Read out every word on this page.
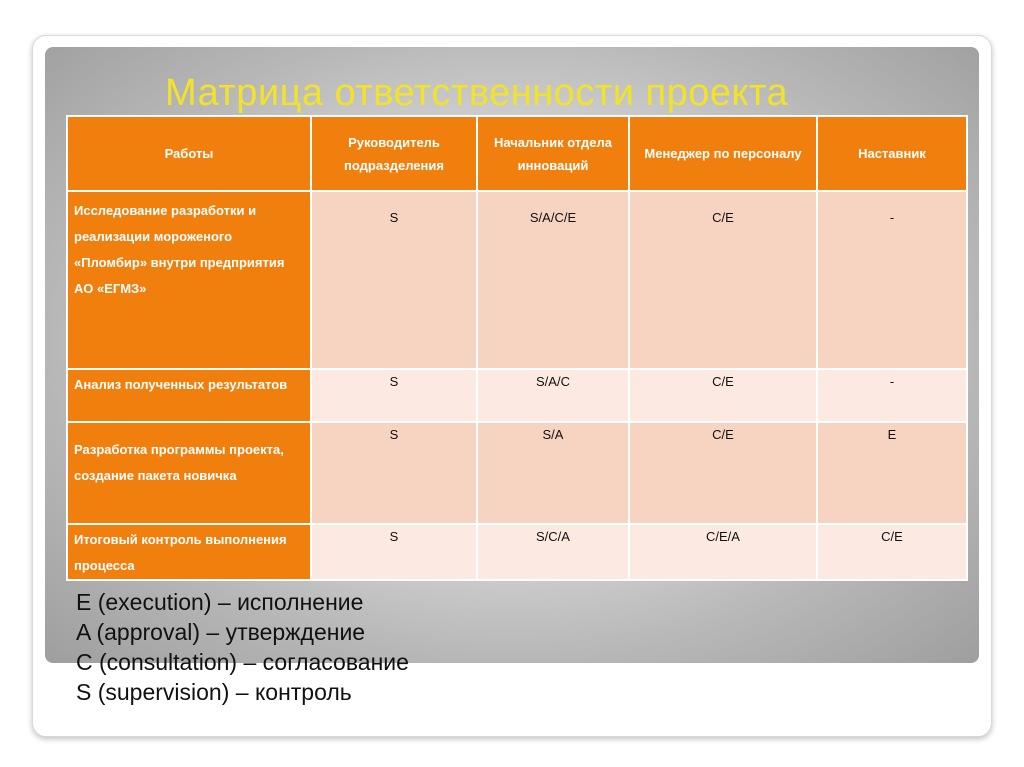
Матрица ответственности проекта
Работы	Руководитель подразделения	Начальник отдела инноваций	Менеджер по персоналу	Наставник
Исследование разработки и реализации мороженого «Пломбир» внутри предприятия АО «ЕГМЗ»	S	S/A/C/E	C/E	-
Анализ полученных результатов	S	S/A/C	C/E	-
Разработка программы проекта, создание пакета новичка	S	S/A	C/E	E
Итоговый контроль выполнения процесса	S	S/C/A	C/E/A	C/E
E (execution) – исполнение
A (approval) – утверждение
C (consultation) – согласование
S (supervision) – контроль
